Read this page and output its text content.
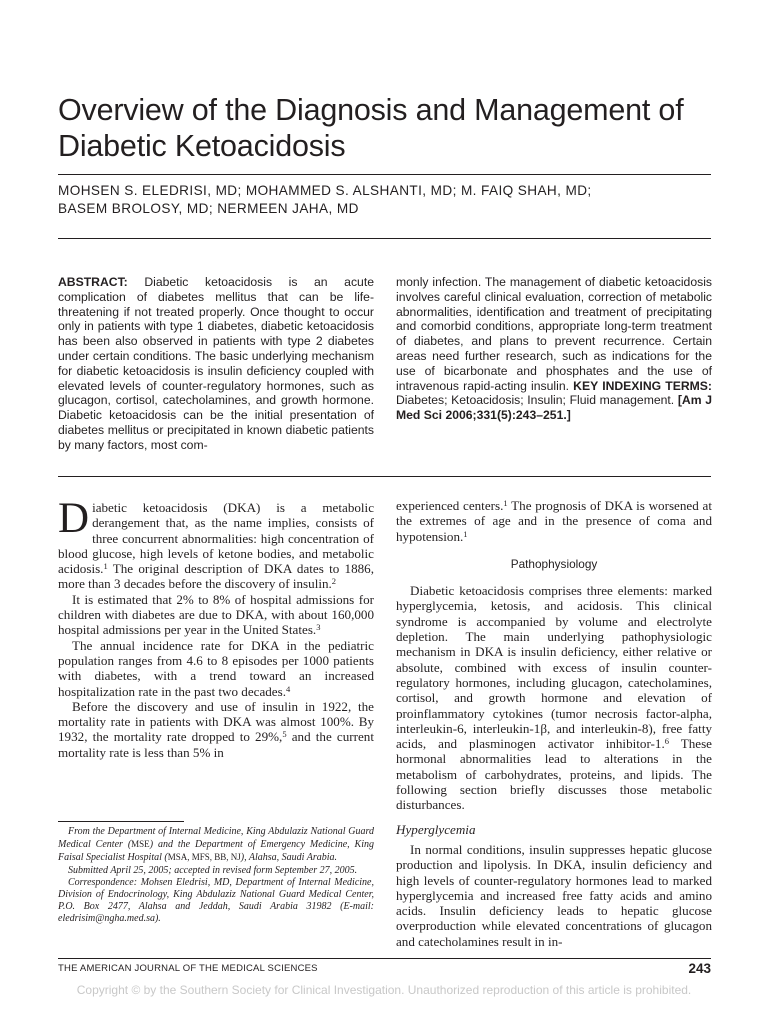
Overview of the Diagnosis and Management of Diabetic Ketoacidosis
MOHSEN S. ELEDRISI, MD; MOHAMMED S. ALSHANTI, MD; M. FAIQ SHAH, MD;
BASEM BROLOSY, MD; NERMEEN JAHA, MD
ABSTRACT: Diabetic ketoacidosis is an acute complication of diabetes mellitus that can be life-threatening if not treated properly. Once thought to occur only in patients with type 1 diabetes, diabetic ketoacidosis has been also observed in patients with type 2 diabetes under certain conditions. The basic underlying mechanism for diabetic ketoacidosis is insulin deficiency coupled with elevated levels of counter-regulatory hormones, such as glucagon, cortisol, catecholamines, and growth hormone. Diabetic ketoacidosis can be the initial presentation of diabetes mellitus or precipitated in known diabetic patients by many factors, most com-
monly infection. The management of diabetic ketoacidosis involves careful clinical evaluation, correction of metabolic abnormalities, identification and treatment of precipitating and comorbid conditions, appropriate long-term treatment of diabetes, and plans to prevent recurrence. Certain areas need further research, such as indications for the use of bicarbonate and phosphates and the use of intravenous rapid-acting insulin. KEY INDEXING TERMS: Diabetes; Ketoacidosis; Insulin; Fluid management. [Am J Med Sci 2006;331(5):243–251.]

Diabetic ketoacidosis (DKA) is a metabolic derangement that, as the name implies, consists of three concurrent abnormalities: high concentration of blood glucose, high levels of ketone bodies, and metabolic acidosis.$^1$ The original description of DKA dates to 1886, more than 3 decades before the discovery of insulin.$^2$

It is estimated that 2% to 8% of hospital admissions for children with diabetes are due to DKA, with about 160,000 hospital admissions per year in the United States.$^3$

The annual incidence rate for DKA in the pediatric population ranges from 4.6 to 8 episodes per 1000 patients with diabetes, with a trend toward an increased hospitalization rate in the past two decades.$^4$

Before the discovery and use of insulin in 1922, the mortality rate in patients with DKA was almost 100%. By 1932, the mortality rate dropped to 29%,$^5$ and the current mortality rate is less than 5% in

experienced centers.$^1$ The prognosis of DKA is worsened at the extremes of age and in the presence of coma and hypotension.$^1$

Pathophysiology

Diabetic ketoacidosis comprises three elements: marked hyperglycemia, ketosis, and acidosis. This clinical syndrome is accompanied by volume and electrolyte depletion. The main underlying pathophysiologic mechanism in DKA is insulin deficiency, either relative or absolute, combined with excess of insulin counter-regulatory hormones, including glucagon, catecholamines, cortisol, and growth hormone and elevation of proinflammatory cytokines (tumor necrosis factor-alpha, interleukin-6, interleukin-1β, and interleukin-8), free fatty acids, and plasminogen activator inhibitor-1.$^6$ These hormonal abnormalities lead to alterations in the metabolism of carbohydrates, proteins, and lipids. The following section briefly discusses those metabolic disturbances.

Hyperglycemia

In normal conditions, insulin suppresses hepatic glucose production and lipolysis. In DKA, insulin deficiency and high levels of counter-regulatory hormones lead to marked hyperglycemia and increased free fatty acids and amino acids. Insulin deficiency leads to hepatic glucose overproduction while elevated concentrations of glucagon and catecholamines result in in-

From the Department of Internal Medicine, King Abdulaziz National Guard Medical Center (MSE) and the Department of Emergency Medicine, King Faisal Specialist Hospital (MSA, MFS, BB, NJ), Alahsa, Saudi Arabia.

Submitted April 25, 2005; accepted in revised form September 27, 2005.

Correspondence: Mohsen Eledrisi, MD, Department of Internal Medicine, Division of Endocrinology, King Abdulaziz National Guard Medical Center, P.O. Box 2477, Alahsa and Jeddah, Saudi Arabia 31982 (E-mail: eledrisim@ngha.med.sa).

THE AMERICAN JOURNAL OF THE MEDICAL SCIENCES	243
Copyright © by the Southern Society for Clinical Investigation. Unauthorized reproduction of this article is prohibited.
